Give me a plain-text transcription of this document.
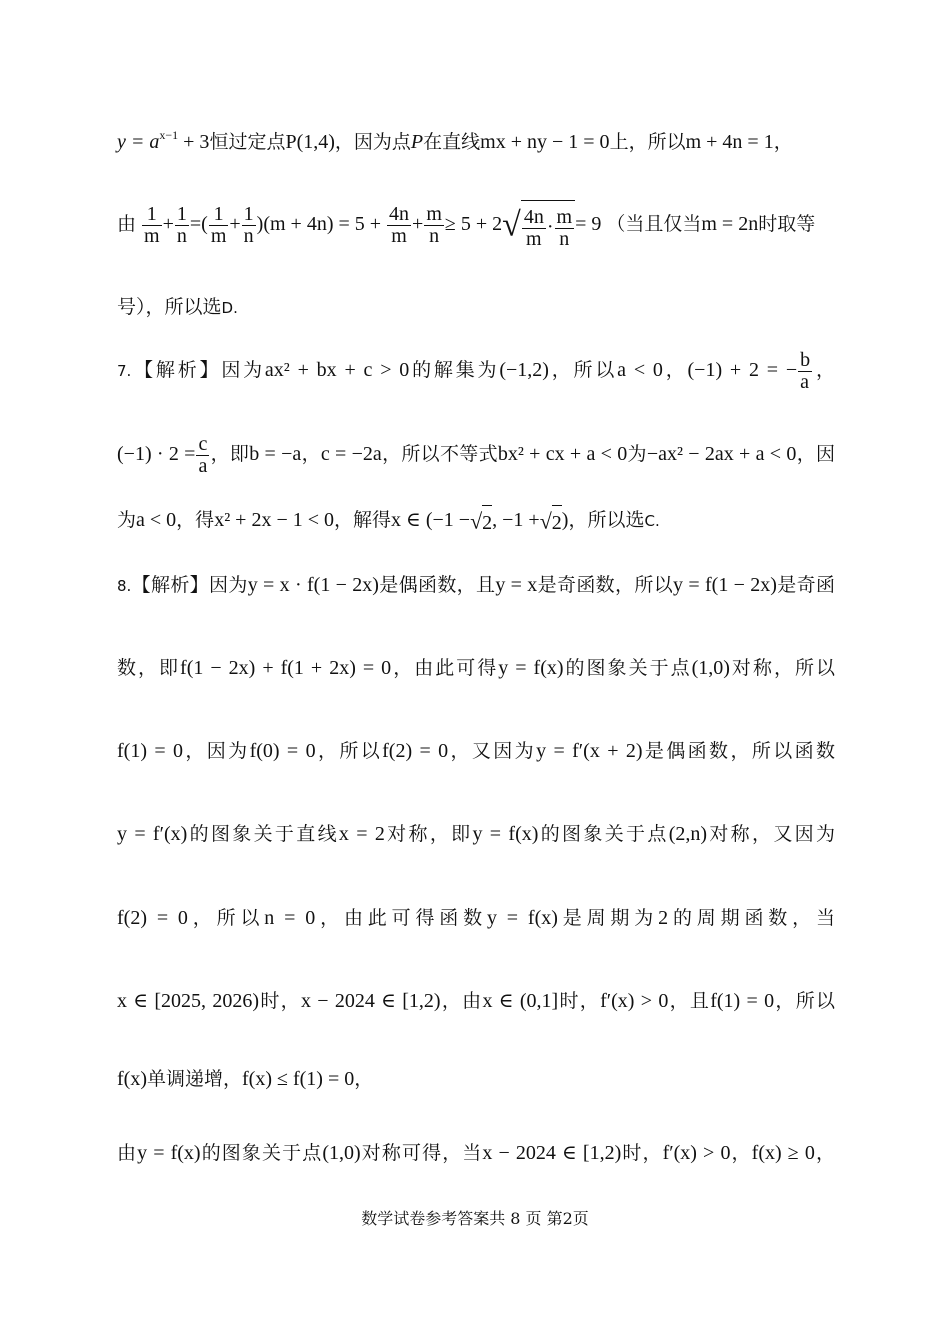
$y = a^{x-1} + 3$恒过定点P(1,4)，因为点P在直线mx + ny − 1 = 0上，所以m + 4n = 1，
由 $\frac{1}{m} + \frac{1}{n}$ =( $\frac{1}{m} + \frac{1}{n} )(m + 4n) = 5 + \frac{4n}{m} + \frac{m}{n} \ge 5 + 2√ \frac{4n}{m} \cdot \frac{m}{n} = 9$ （当且仅当m = 2n时取等
号），所以选D.
7.【解析】因为ax² + bx + c > 0的解集为(−1,2)，所以a < 0，(−1) + 2 = − $\frac{b}{a}$ ，
$(-1) \cdot 2 = \frac{c}{a}$ ，即b = −a，c = −2a，所以不等式bx² + cx + a < 0为−ax² − 2ax + a < 0，因
为a < 0，得x² + 2x − 1 < 0，解得x ∈ (−1 −√2, −1 +√2)，所以选C.
8.【解析】因为y = x · f(1 − 2x)是偶函数，且y = x是奇函数，所以y = f(1 − 2x)是奇函
数，即f(1 − 2x) + f(1 + 2x) = 0，由此可得y = f(x)的图象关于点(1,0)对称，所以
f(1) = 0，因为f(0) = 0，所以f(2) = 0，又因为y = f′(x + 2)是偶函数，所以函数
y = f′(x)的图象关于直线x = 2对称，即y = f(x)的图象关于点(2,n)对称，又因为
f(2) = 0，所以n = 0，由此可得函数y = f(x)是周期为2的周期函数，当
x ∈ [2025, 2026)时，x − 2024 ∈ [1,2)，由x ∈ (0,1]时，f′(x) > 0，且f(1) = 0，所以
f(x)单调递增，f(x) ≤ f(1) = 0，
由y = f(x)的图象关于点(1,0)对称可得，当x − 2024 ∈ [1,2)时，f′(x) > 0，f(x) ≥ 0，
数学试卷参考答案共 8 页 第2页
